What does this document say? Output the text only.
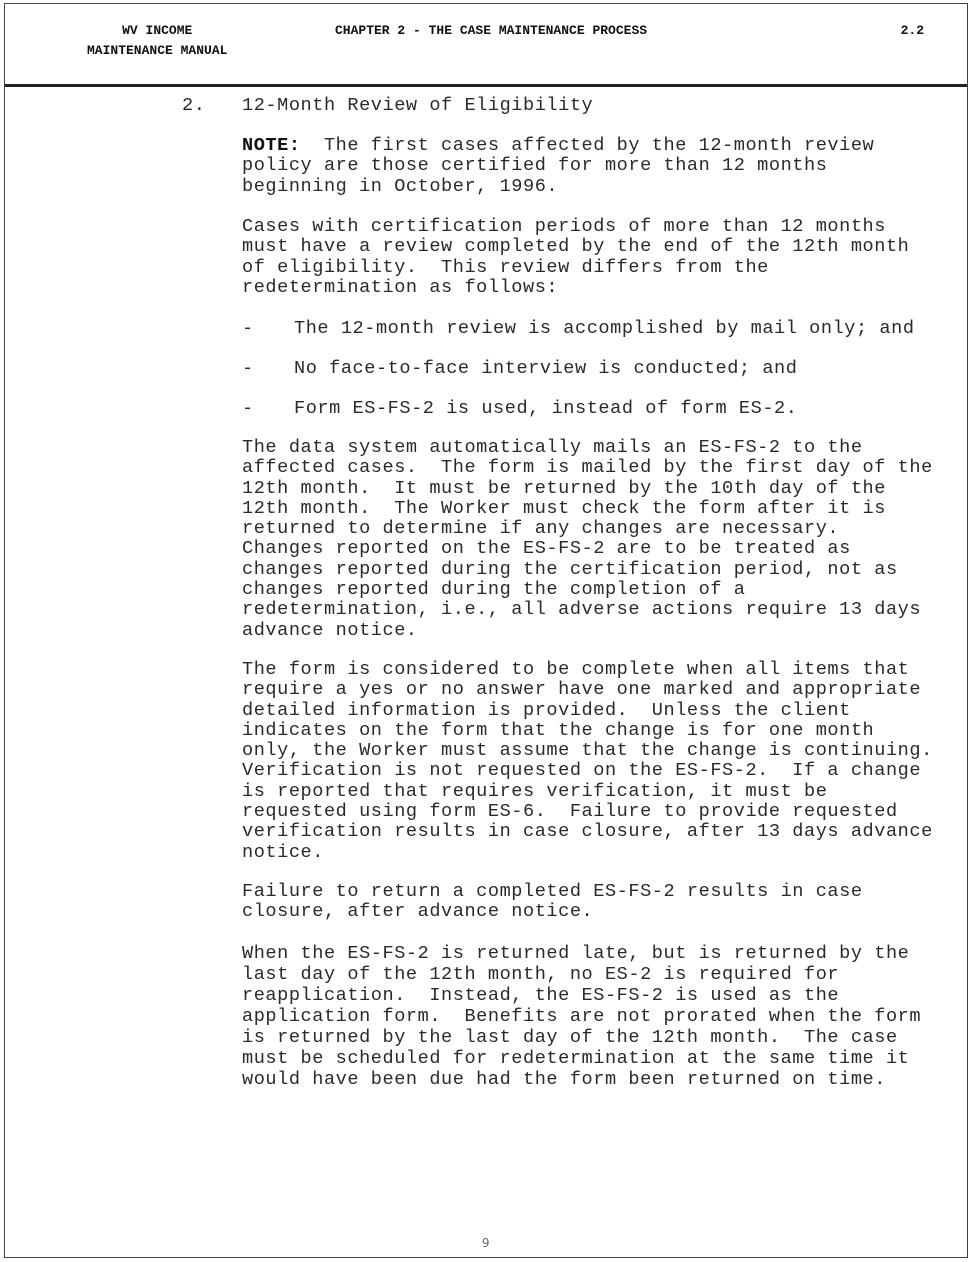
WV INCOME
MAINTENANCE MANUAL
CHAPTER 2 - THE CASE MAINTENANCE PROCESS	2.2

2.

12-Month Review of Eligibility

NOTE:  The first cases affected by the 12-month review
policy are those certified for more than 12 months
beginning in October, 1996.

Cases with certification periods of more than 12 months
must have a review completed by the end of the 12th month
of eligibility.  This review differs from the
redetermination as follows:

-

The 12-month review is accomplished by mail only; and

-

No face-to-face interview is conducted; and

-

Form ES-FS-2 is used, instead of form ES-2.

The data system automatically mails an ES-FS-2 to the
affected cases.  The form is mailed by the first day of the
12th month.  It must be returned by the 10th day of the
12th month.  The Worker must check the form after it is
returned to determine if any changes are necessary.
Changes reported on the ES-FS-2 are to be treated as
changes reported during the certification period, not as
changes reported during the completion of a
redetermination, i.e., all adverse actions require 13 days
advance notice.

The form is considered to be complete when all items that
require a yes or no answer have one marked and appropriate
detailed information is provided.  Unless the client
indicates on the form that the change is for one month
only, the Worker must assume that the change is continuing.
Verification is not requested on the ES-FS-2.  If a change
is reported that requires verification, it must be
requested using form ES-6.  Failure to provide requested
verification results in case closure, after 13 days advance
notice.

Failure to return a completed ES-FS-2 results in case
closure, after advance notice.

When the ES-FS-2 is returned late, but is returned by the
last day of the 12th month, no ES-2 is required for
reapplication.  Instead, the ES-FS-2 is used as the
application form.  Benefits are not prorated when the form
is returned by the last day of the 12th month.  The case
must be scheduled for redetermination at the same time it
would have been due had the form been returned on time.

9
